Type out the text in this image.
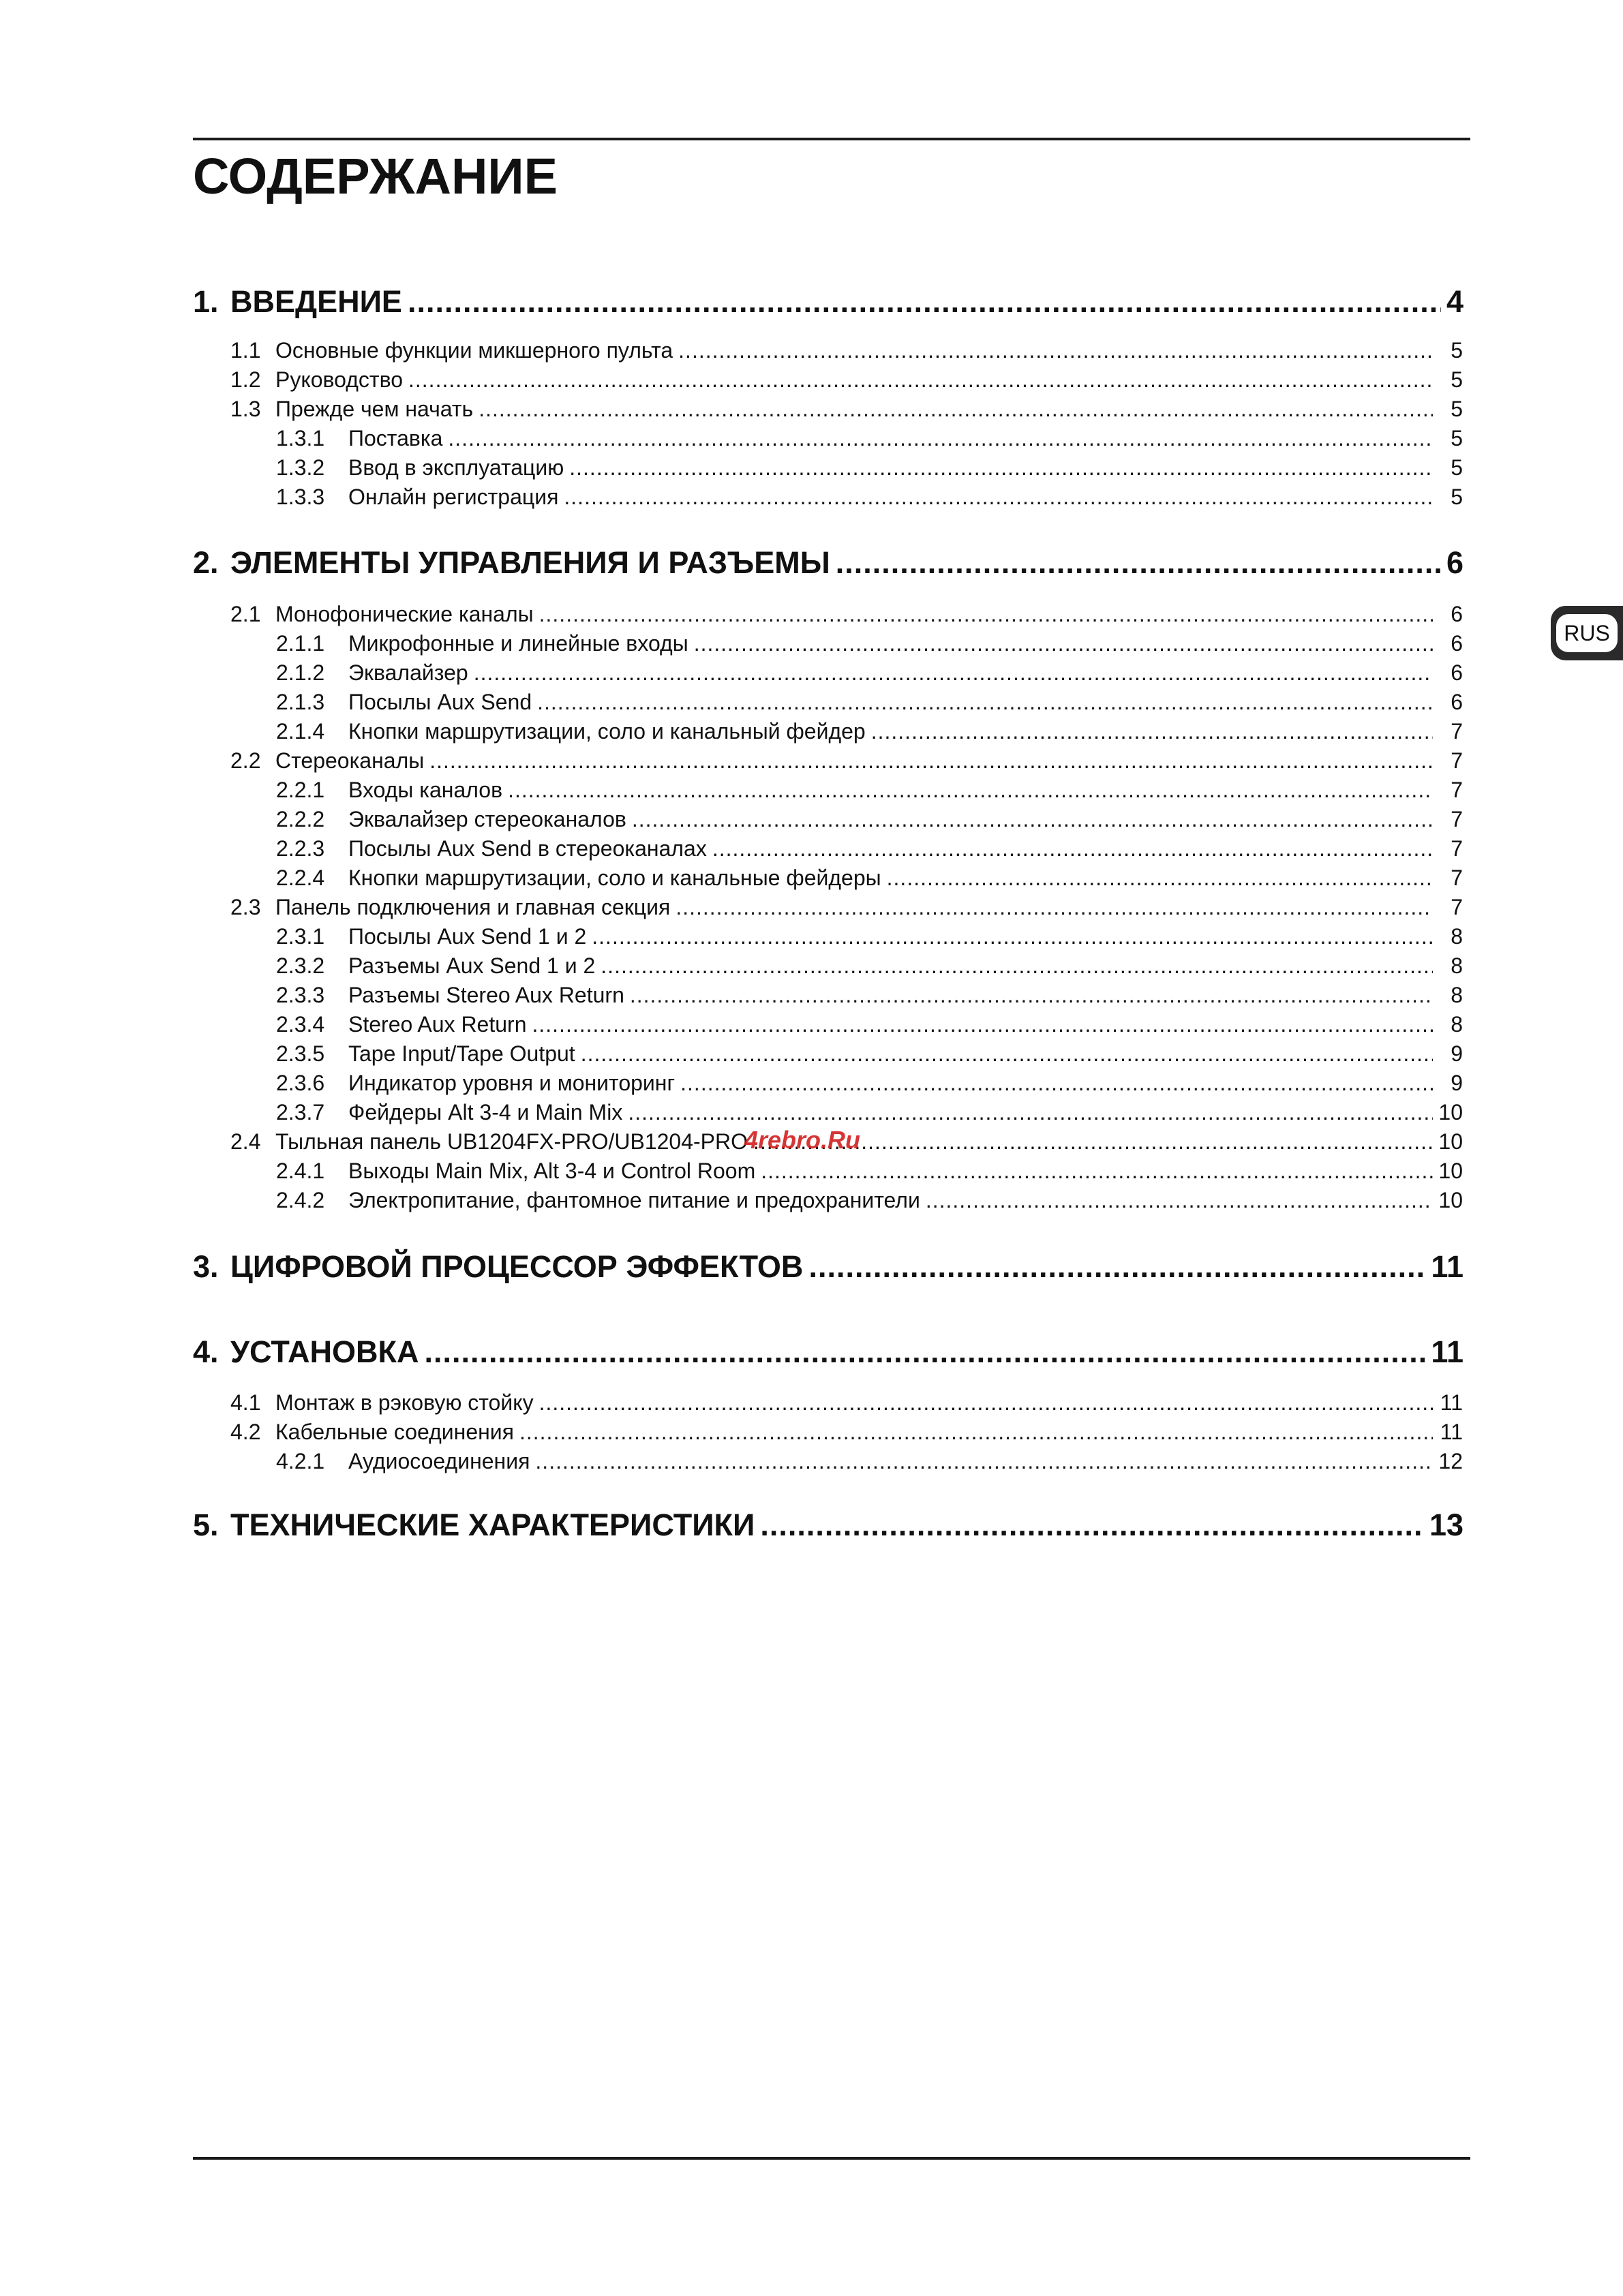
СОДЕРЖАНИЕ
RUS
1. ВВЕДЕНИЕ .....	4
1.1 Основные функции микшерного пульта .....	5
1.2 Руководство .....	5
1.3 Прежде чем начать .....	5
1.3.1	Поставка .....	5
1.3.2	Ввод в эксплуатацию .....	5
1.3.3	Онлайн регистрация .....	5
2. ЭЛЕМЕНТЫ УПРАВЛЕНИЯ И РАЗЪЕМЫ .....	6
2.1 Монофонические каналы .....	6
2.1.1	Микрофонные и линейные входы .....	6
2.1.2	Эквалайзер .....	6
2.1.3	Посылы Aux Send .....	6
2.1.4	Кнопки маршрутизации, соло и канальный фейдер .....	7
2.2 Стереоканалы .....	7
2.2.1	Входы каналов .....	7
2.2.2	Эквалайзер стереоканалов .....	7
2.2.3	Посылы Aux Send в стереоканалах .....	7
2.2.4	Кнопки маршрутизации, соло и канальные фейдеры .....	7
2.3 Панель подключения и главная секция .....	7
2.3.1	Посылы Aux Send 1 и 2 .....	8
2.3.2	Разъемы Aux Send 1 и 2 .....	8
2.3.3	Разъемы Stereo Aux Return .....	8
2.3.4	Stereo Aux Return .....	8
2.3.5	Tape Input/Tape Output .....	9
2.3.6	Индикатор уровня и мониторинг .....	9
2.3.7	Фейдеры Alt 3-4 и Main Mix .....	10
2.4 Тыльная панель UB1204FX-PRO/UB1204-PRO .....	10
2.4.1	Выходы Main Mix, Alt 3-4 и Control Room .....	10
2.4.2	Электропитание, фантомное питание и предохранители .....	10
3. ЦИФРОВОЙ ПРОЦЕССОР ЭФФЕКТОВ .....	11
4. УСТАНОВКА .....	11
4.1 Монтаж в рэковую стойку .....	11
4.2 Кабельные соединения .....	11
4.2.1	Аудиосоединения .....	12
5. ТЕХНИЧЕСКИЕ ХАРАКТЕРИСТИКИ .....	13
4rebro.Ru
